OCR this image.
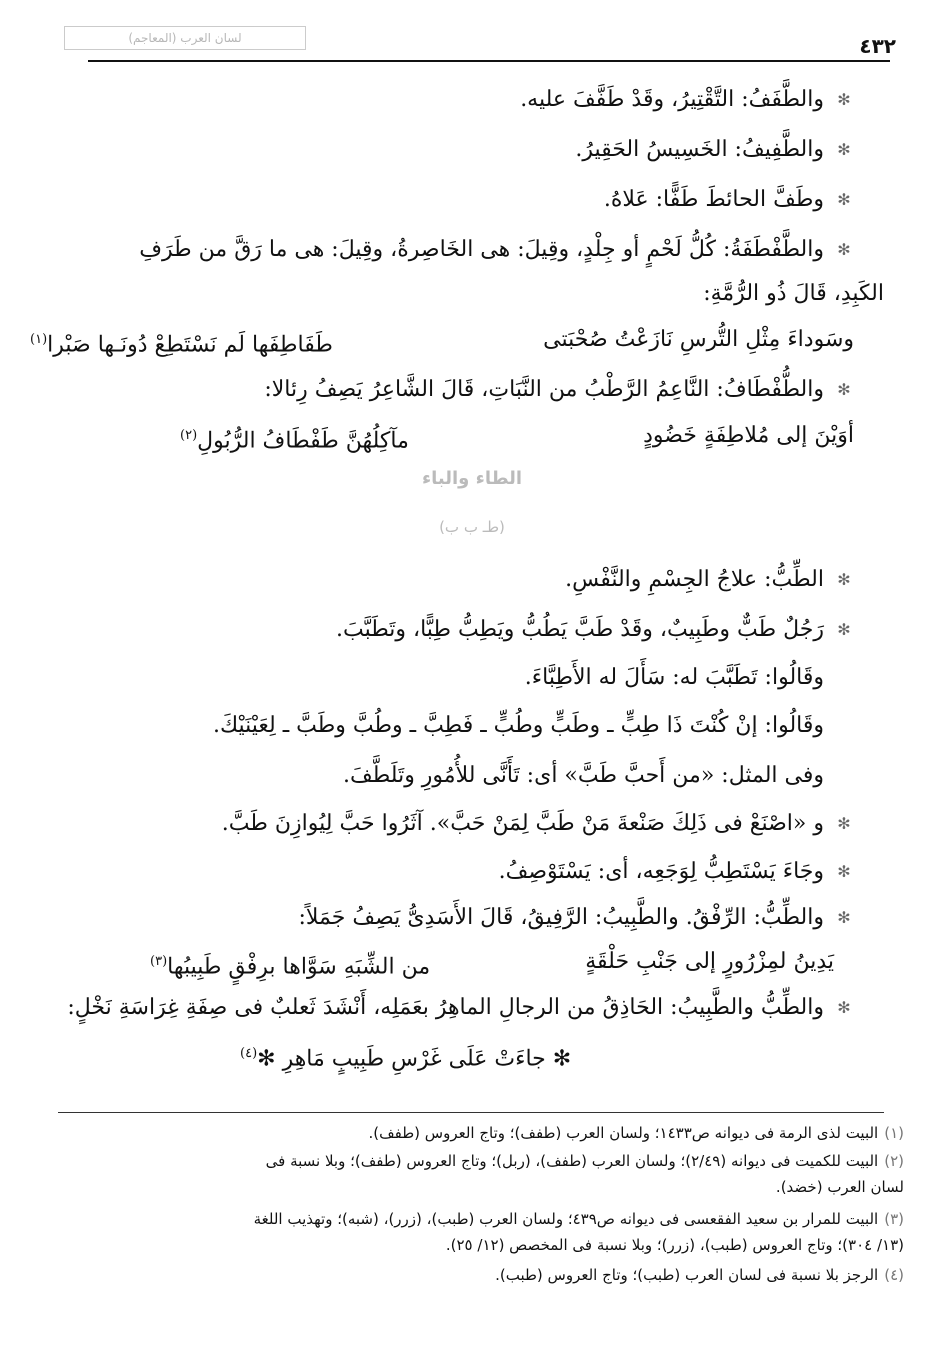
لسان العرب (المعاجم)	٤٣٢
✻
والطَّفَفُ: التَّقْتِيرُ، وقَدْ طَفَّفَ عليه.
✻
والطَّفِيفُ: الخَسِيسُ الحَقِيرُ.
✻
وطَفَّ الحائطَ طَفًّا: عَلاهُ.
✻
والطَّفْطَفَةُ: كُلُّ لَحْمٍ أو جِلْدٍ، وقِيلَ: هى الخَاصِرةُ، وقِيلَ: هى ما رَقَّ من طَرَفِ
الكَبِدِ، قَالَ ذُو الرُّمَّةِ:
وسَوداءَ مِثْلِ التُّرسِ نَازَعْتُ صُحْبَتى
طَفَاطِفَها لَم نَسْتَطِعْ دُونَـها صَبْرا$^{(١)}$
✻
والطُّفْطَافُ: النَّاعِمُ الرَّطْبُ من النَّبَاتِ، قَالَ الشَّاعِرُ يَصِفُ رِئالا:
أوَيْنَ إلى مُلاطِفَةٍ خَضُودٍ
مآكِلُهُنَّ طَفْطَافُ الرُّبُولِ$^{(٢)}$
الطاء والباء
(طـ ب ب)
✻
الطِّبُّ: علاجُ الجِسْمِ والنَّفْسِ.
✻
رَجُلٌ طَبٌّ وطَبِيبٌ، وقَدْ طَبَّ يَطُبُّ ويَطِبُّ طِبًّا، وتَطَبَّبَ.
وقَالُوا: تَطَبَّبَ له: سَأَلَ له الأَطِبَّاءَ.
وقَالُوا: إنْ كُنْتَ ذَا طِبٍّ ـ وطَبٍّ وطُبٍّ ـ فَطِبَّ ـ وطُبَّ وطَبَّ ـ لِعَيْنَيْكَ.
وفى المثل: «من أَحبَّ طَبَّ» أى: تَأَنَّى للأُمُورِ وتَلَطَّفَ.
✻
و «اصْنَعْ فى ذَلِكَ صَنْعةَ مَنْ طَبَّ لِمَنْ حَبَّ». آثَرُوا حَبَّ لِيُوازِنَ طَبَّ.
✻
وجَاءَ يَسْتَطِبُّ لِوَجَعِه، أى: يَسْتَوْصِفُ.
✻
والطِّبُّ: الرِّفْقُ. والطَّبِيبُ: الرَّفِيقُ، قَالَ الأَسَدِىُّ يَصِفُ جَمَلاً:
يَدِينُ لمِزْرُورٍ إلى جَنْبِ حَلْقَةٍ
من الشِّبَهِ سَوَّاها برِفْقٍ طَبِيبُها$^{(٣)}$
✻
والطِّبُّ والطَّبِيبُ: الحَاذِقُ من الرجالِ الماهِرُ بعَمَلِه، أَنْشَدَ ثَعلبٌ فى صِفَةِ غِرَاسَةِ نَخْلٍ:
✻ جاءَتْ عَلَى غَرْسِ طَبِيبٍ مَاهِرِ ✻$^{(٤)}$
(١)البيت لذى الرمة فى ديوانه ص١٤٣٣؛ ولسان العرب (طفف)؛ وتاج العروس (طفف).
(٢)البيت للكميت فى ديوانه (٢/٤٩)؛ ولسان العرب (طفف)، (ربل)؛ وتاج العروس (طفف)؛ وبلا نسبة فى
لسان العرب (خضد).
(٣)البيت للمرار بن سعيد الفقعسى فى ديوانه ص٤٣٩؛ ولسان العرب (طبب)، (زرر)، (شبه)؛ وتهذيب اللغة
(١٣/ ٣٠٤)؛ وتاج العروس (طبب)، (زرر)؛ وبلا نسبة فى المخصص (١٢/ ٢٥).
(٤)الرجز بلا نسبة فى لسان العرب (طبب)؛ وتاج العروس (طبب).
